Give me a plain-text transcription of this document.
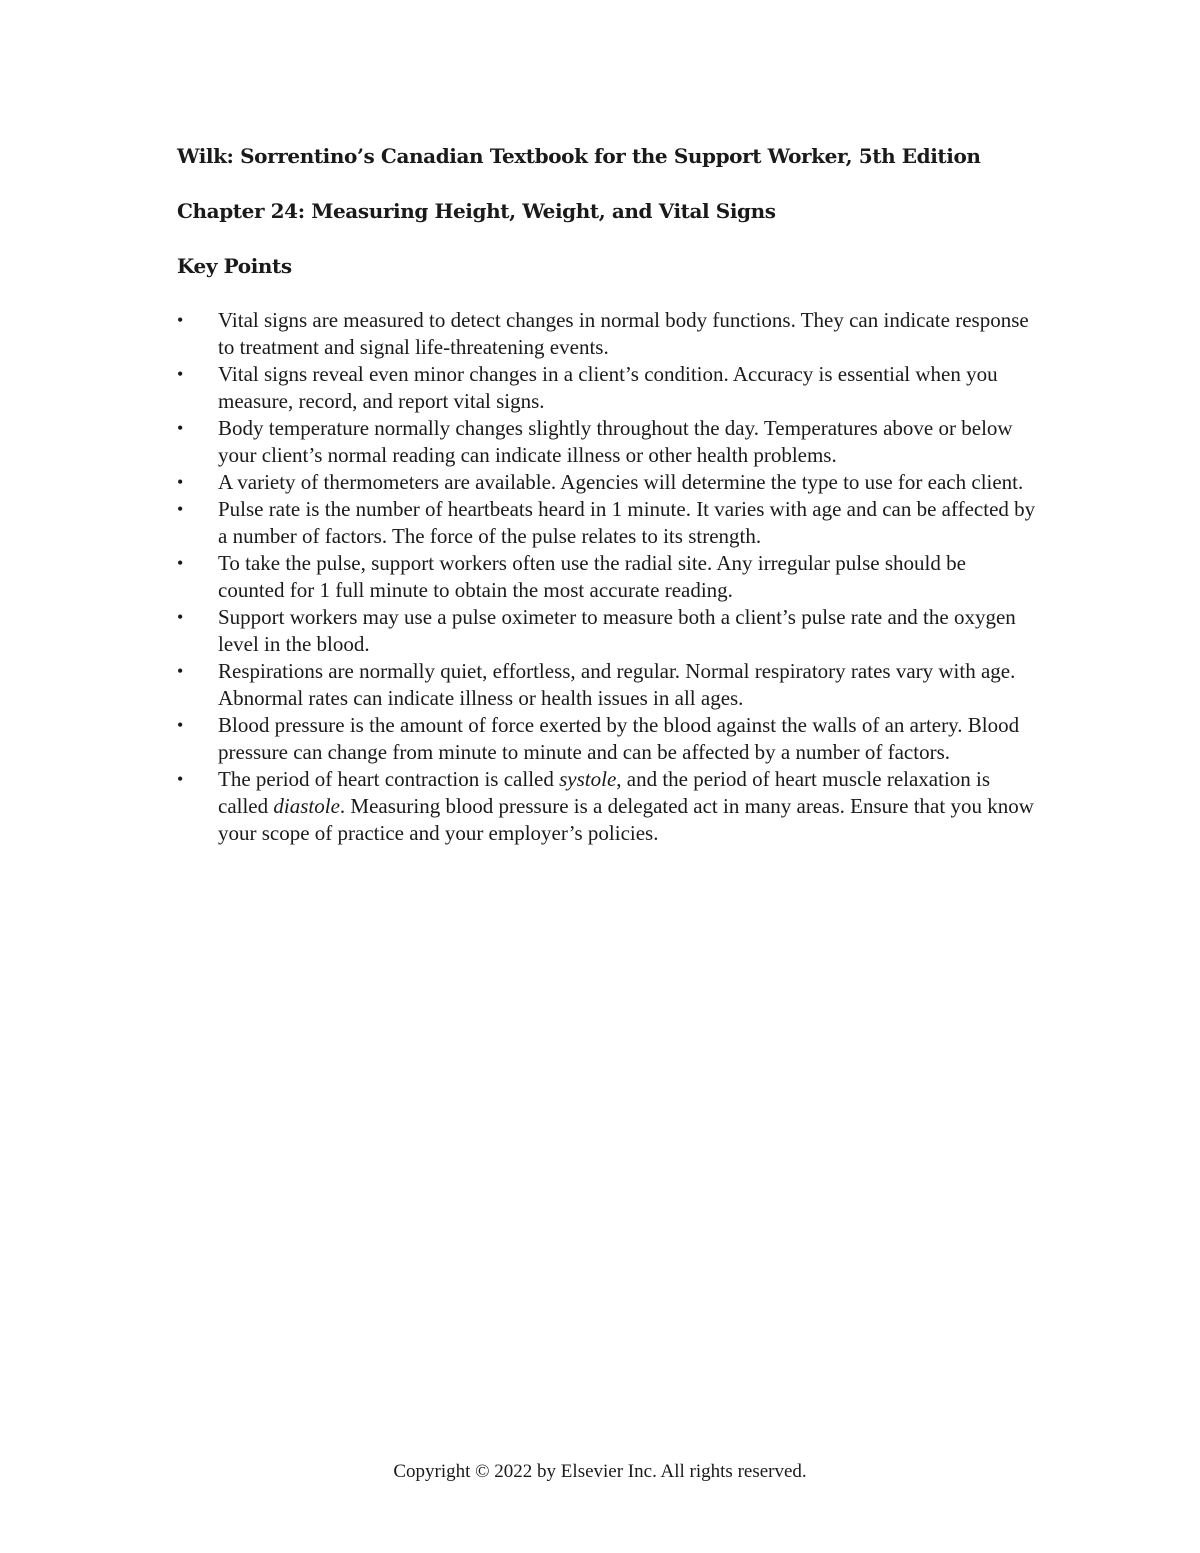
Wilk: Sorrentino’s Canadian Textbook for the Support Worker, 5th Edition
Chapter 24: Measuring Height, Weight, and Vital Signs
Key Points
•	Vital signs are measured to detect changes in normal body functions. They can indicate response to treatment and signal life-threatening events.
•	Vital signs reveal even minor changes in a client’s condition. Accuracy is essential when you measure, record, and report vital signs.
•	Body temperature normally changes slightly throughout the day. Temperatures above or below your client’s normal reading can indicate illness or other health problems.
•	A variety of thermometers are available. Agencies will determine the type to use for each client.
•	Pulse rate is the number of heartbeats heard in 1 minute. It varies with age and can be affected by a number of factors. The force of the pulse relates to its strength.
•	To take the pulse, support workers often use the radial site. Any irregular pulse should be counted for 1 full minute to obtain the most accurate reading.
•	Support workers may use a pulse oximeter to measure both a client’s pulse rate and the oxygen level in the blood.
•	Respirations are normally quiet, effortless, and regular. Normal respiratory rates vary with age. Abnormal rates can indicate illness or health issues in all ages.
•	Blood pressure is the amount of force exerted by the blood against the walls of an artery. Blood pressure can change from minute to minute and can be affected by a number of factors.
•	The period of heart contraction is called systole, and the period of heart muscle relaxation is called diastole. Measuring blood pressure is a delegated act in many areas. Ensure that you know your scope of practice and your employer’s policies.
Copyright © 2022 by Elsevier Inc. All rights reserved.
